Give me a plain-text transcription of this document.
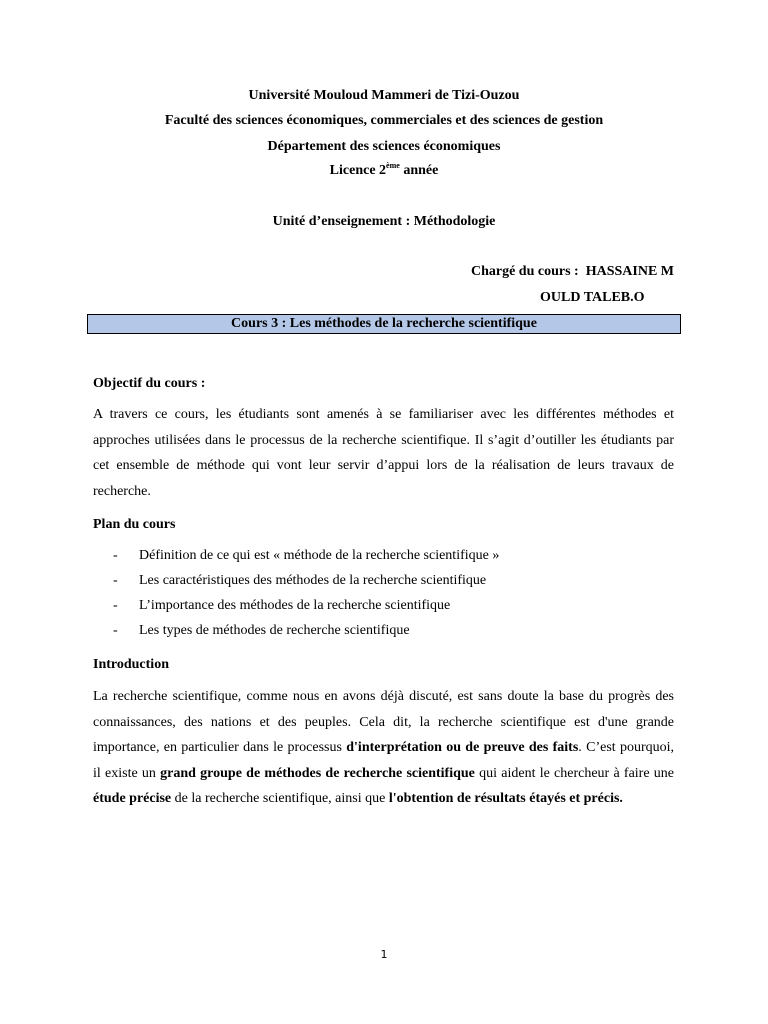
Université Mouloud Mammeri de Tizi-Ouzou
Faculté des sciences économiques, commerciales et des sciences de gestion
Département des sciences économiques
Licence 2ème année
Unité d’enseignement : Méthodologie
Chargé du cours :  HASSAINE M
OULD TALEB.O
Cours 3 : Les méthodes de la recherche scientifique
Objectif du cours :
A travers ce cours, les étudiants sont amenés à se familiariser avec les différentes méthodes et approches utilisées dans le processus de la recherche scientifique. Il s’agit d’outiller les étudiants par cet ensemble de méthode qui vont leur servir d’appui lors de la réalisation de leurs travaux de recherche.
Plan du cours
- Définition de ce qui est « méthode de la recherche scientifique »
- Les caractéristiques des méthodes de la recherche scientifique
- L’importance des méthodes de la recherche scientifique
- Les types de méthodes de recherche scientifique
Introduction
La recherche scientifique, comme nous en avons déjà discuté, est sans doute la base du progrès des connaissances, des nations et des peuples. Cela dit, la recherche scientifique est d'une grande importance, en particulier dans le processus d'interprétation ou de preuve des faits. C’est pourquoi, il existe un grand groupe de méthodes de recherche scientifique qui aident le chercheur à faire une étude précise de la recherche scientifique, ainsi que l'obtention de résultats étayés et précis.
1
